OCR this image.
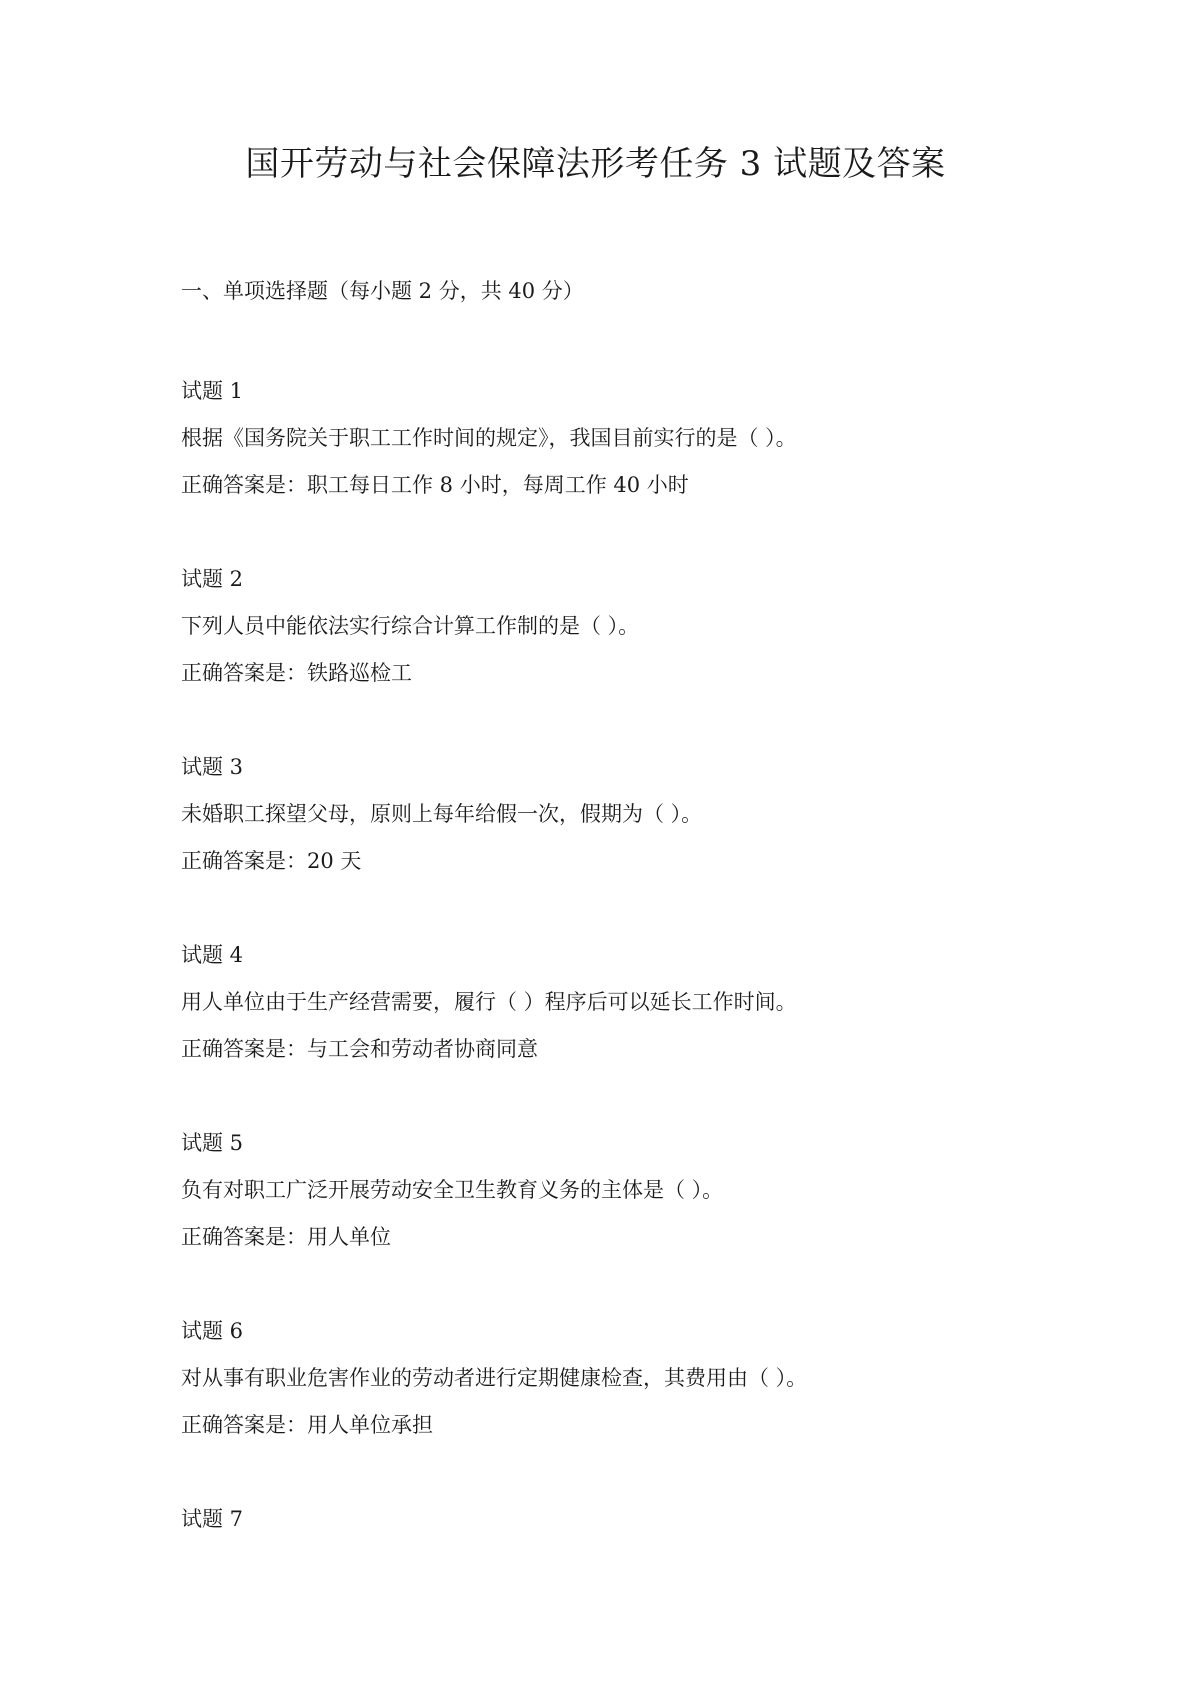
国开劳动与社会保障法形考任务 3 试题及答案
一、单项选择题（每小题 2 分，共 40 分）
试题 1
根据《国务院关于职工工作时间的规定》，我国目前实行的是（ ）。
正确答案是：职工每日工作 8 小时，每周工作 40 小时
试题 2
下列人员中能依法实行综合计算工作制的是（ ）。
正确答案是：铁路巡检工
试题 3
未婚职工探望父母，原则上每年给假一次，假期为（ ）。
正确答案是：20 天
试题 4
用人单位由于生产经营需要，履行（ ）程序后可以延长工作时间。
正确答案是：与工会和劳动者协商同意
试题 5
负有对职工广泛开展劳动安全卫生教育义务的主体是（ ）。
正确答案是：用人单位
试题 6
对从事有职业危害作业的劳动者进行定期健康检查，其费用由（ ）。
正确答案是：用人单位承担
试题 7
